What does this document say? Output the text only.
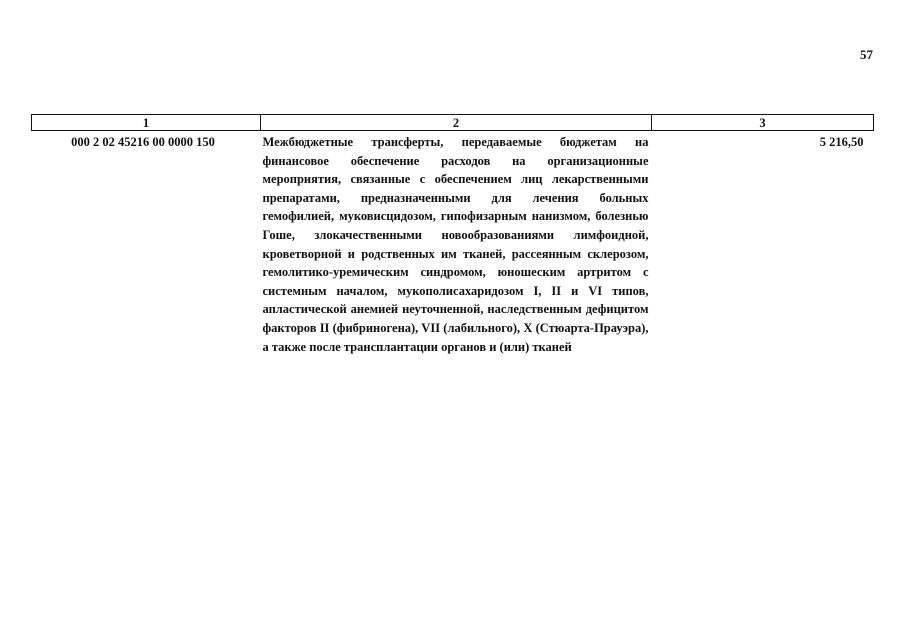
57
1	2	3
000 2 02 45216 00 0000 150	Межбюджетные трансферты, передаваемые бюджетам на финансовое обеспечение расходов на организационные мероприятия, связанные с обеспечением лиц лекарственными препаратами, предназначенными для лечения больных гемофилией, муковисцидозом, гипофизарным нанизмом, болезнью Гоше, злокачественными новообразованиями лимфоидной, кроветворной и родственных им тканей, рассеянным склерозом, гемолитико-уремическим синдромом, юношеским артритом с системным началом, мукополисахаридозом I, II и VI типов, апластической анемией неуточненной, наследственным дефицитом факторов II (фибриногена), VII (лабильного), X (Стюарта-Прауэра), а также после трансплантации органов и (или) тканей	5 216,50
